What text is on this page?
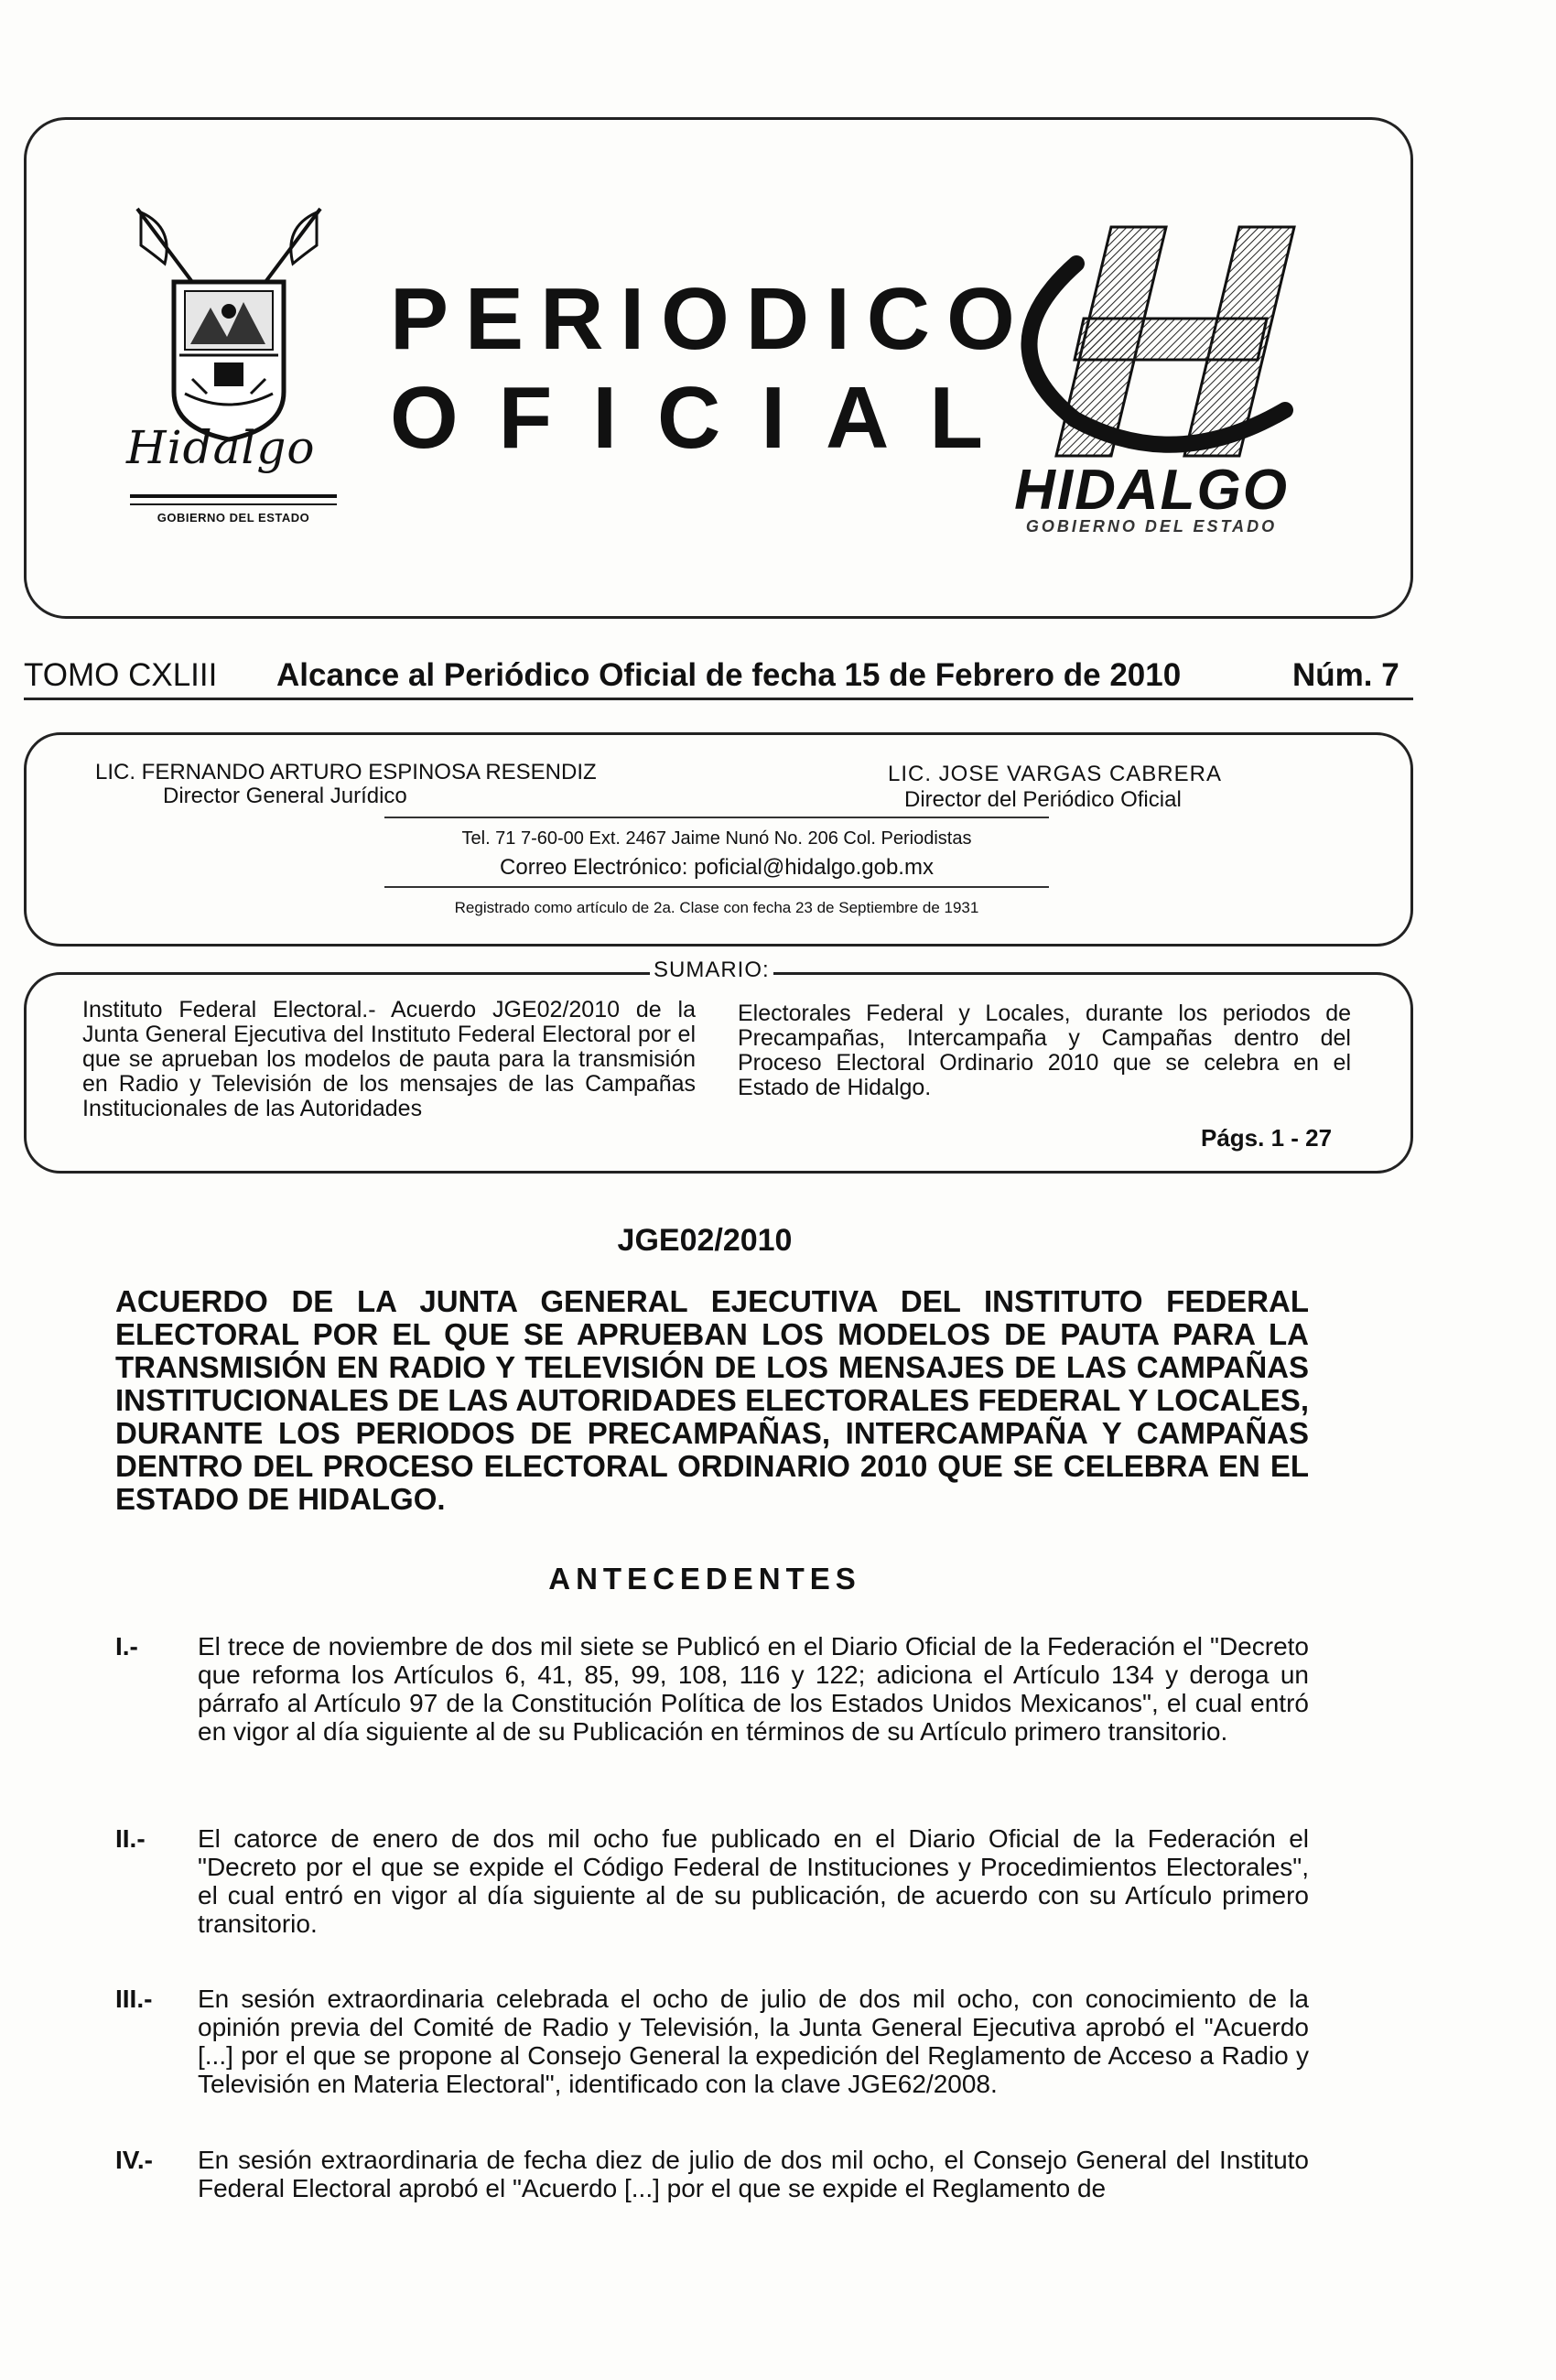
Hidalgo
GOBIERNO DEL ESTADO
PERIODICO
OFICIAL
HIDALGO
GOBIERNO DEL ESTADO
TOMO CXLIII Alcance al Periódico Oficial de fecha 15 de Febrero de 2010	Núm. 7
LIC. FERNANDO ARTURO ESPINOSA RESENDIZ
Director General Jurídico
LIC. JOSE VARGAS CABRERA
Director del Periódico Oficial
Tel. 71 7-60-00 Ext. 2467 Jaime Nunó No. 206 Col. Periodistas
Correo Electrónico: poficial@hidalgo.gob.mx
Registrado como artículo de 2a. Clase con fecha 23 de Septiembre de 1931
SUMARIO:
Instituto Federal Electoral.- Acuerdo JGE02/2010 de la Junta General Ejecutiva del Instituto Federal Electoral por el que se aprueban los modelos de pauta para la transmisión en Radio y Televisión de los mensajes de las Campañas Institucionales de las Autoridades
Electorales Federal y Locales, durante los periodos de Precampañas, Intercampaña y Campañas dentro del Proceso Electoral Ordinario 2010 que se celebra en el Estado de Hidalgo.
Págs. 1 - 27
JGE02/2010
ACUERDO DE LA JUNTA GENERAL EJECUTIVA DEL INSTITUTO FEDERAL ELECTORAL POR EL QUE SE APRUEBAN LOS MODELOS DE PAUTA PARA LA TRANSMISIÓN EN RADIO Y TELEVISIÓN DE LOS MENSAJES DE LAS CAMPAÑAS INSTITUCIONALES DE LAS AUTORIDADES ELECTORALES FEDERAL Y LOCALES, DURANTE LOS PERIODOS DE PRECAMPAÑAS, INTERCAMPAÑA Y CAMPAÑAS DENTRO DEL PROCESO ELECTORAL ORDINARIO 2010 QUE SE CELEBRA EN EL ESTADO DE HIDALGO.
ANTECEDENTES
I.- El trece de noviembre de dos mil siete se Publicó en el Diario Oficial de la Federación el "Decreto que reforma los Artículos 6, 41, 85, 99, 108, 116 y 122; adiciona el Artículo 134 y deroga un párrafo al Artículo 97 de la Constitución Política de los Estados Unidos Mexicanos", el cual entró en vigor al día siguiente al de su Publicación en términos de su Artículo primero transitorio.
II.- El catorce de enero de dos mil ocho fue publicado en el Diario Oficial de la Federación el "Decreto por el que se expide el Código Federal de Instituciones y Procedimientos Electorales", el cual entró en vigor al día siguiente al de su publicación, de acuerdo con su Artículo primero transitorio.
III.- En sesión extraordinaria celebrada el ocho de julio de dos mil ocho, con conocimiento de la opinión previa del Comité de Radio y Televisión, la Junta General Ejecutiva aprobó el "Acuerdo [...] por el que se propone al Consejo General la expedición del Reglamento de Acceso a Radio y Televisión en Materia Electoral", identificado con la clave JGE62/2008.
IV.- En sesión extraordinaria de fecha diez de julio de dos mil ocho, el Consejo General del Instituto Federal Electoral aprobó el "Acuerdo [...] por el que se expide el Reglamento de
